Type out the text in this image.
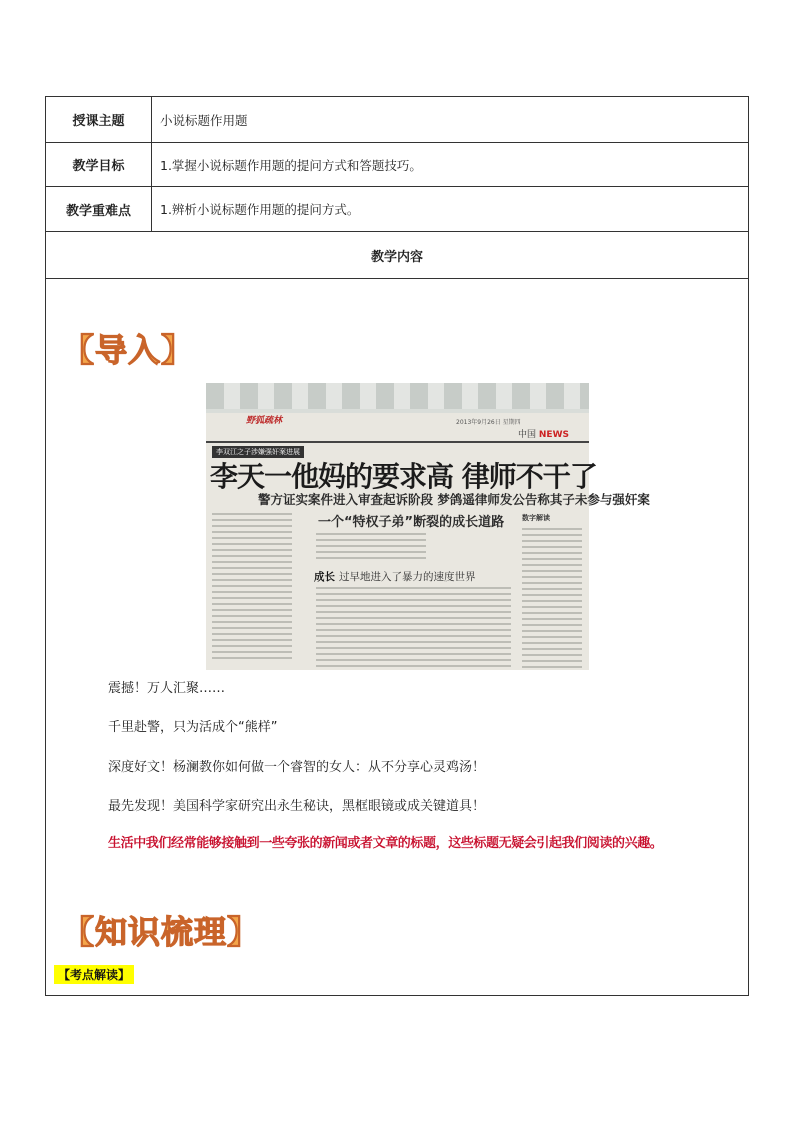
授课主题	小说标题作用题
教学目标	1.掌握小说标题作用题的提问方式和答题技巧。
教学重难点	1.辨析小说标题作用题的提问方式。
教学内容
【导入】
野狐疏林	2013年9月26日 星期四
中国 NEWS
李双江之子涉嫌强奸案进展
李天一他妈的要求高 律师不干了
警方证实案件进入审查起诉阶段 梦鸽遥律师发公告称其子未参与强奸案
一个“特权子弟”断裂的成长道路
成长 过早地进入了暴力的速度世界
数字解读
震撼！万人汇聚……
千里赴警，只为活成个“熊样”
深度好文！杨澜教你如何做一个睿智的女人：从不分享心灵鸡汤！
最先发现！美国科学家研究出永生秘诀，黑框眼镜或成关键道具！
生活中我们经常能够接触到一些夸张的新闻或者文章的标题，这些标题无疑会引起我们阅读的兴趣。
【知识梳理】
【考点解读】
